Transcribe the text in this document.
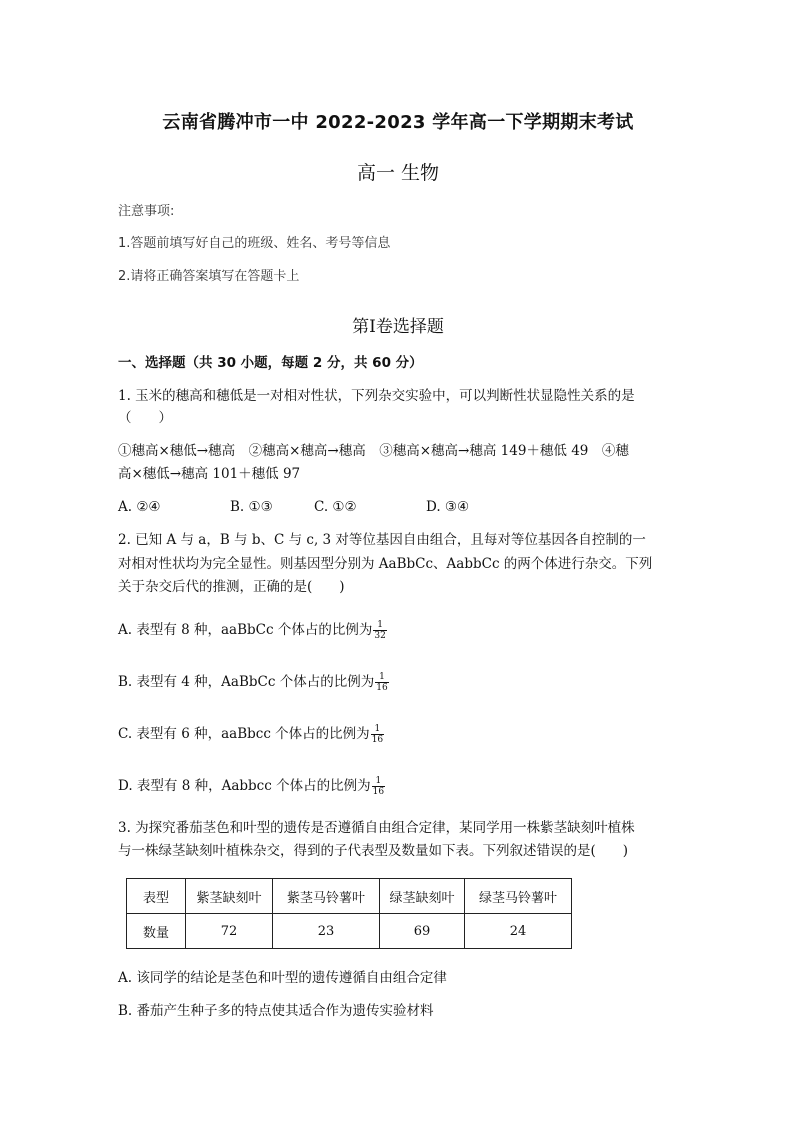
云南省腾冲市一中 2022-2023 学年高一下学期期末考试
高一 生物
注意事项:
1.答题前填写好自己的班级、姓名、考号等信息
2.请将正确答案填写在答题卡上
第Ⅰ卷选择题
一、选择题（共 30 小题，每题 2 分，共 60 分）
1. 玉米的穗高和穗低是一对相对性状，下列杂交实验中，可以判断性状显隐性关系的是
（　　）
①穗高×穗低→穗高　②穗高×穗高→穗高　③穗高×穗高→穗高 149＋穗低 49　④穗
高×穗低→穗高 101＋穗低 97
A. ②④	B. ①③	C. ①②	D. ③④
2. 已知 A 与 a，B 与 b、C 与 c, 3 对等位基因自由组合，且每对等位基因各自控制的一
对相对性状均为完全显性。则基因型分别为 AaBbCc、AabbCc 的两个体进行杂交。下列
关于杂交后代的推测，正确的是(　　)
A. 表型有 8 种，aaBbCc 个体占的比例为 $\frac{1}{32}$
B. 表型有 4 种，AaBbCc 个体占的比例为 $\frac{1}{16}$
C. 表型有 6 种，aaBbcc 个体占的比例为 $\frac{1}{16}$
D. 表型有 8 种，Aabbcc 个体占的比例为 $\frac{1}{16}$
3. 为探究番茄茎色和叶型的遗传是否遵循自由组合定律，某同学用一株紫茎缺刻叶植株
与一株绿茎缺刻叶植株杂交，得到的子代表型及数量如下表。下列叙述错误的是(　　)
表型	紫茎缺刻叶	紫茎马铃薯叶	绿茎缺刻叶	绿茎马铃薯叶
数量	72	23	69	24
A. 该同学的结论是茎色和叶型的遗传遵循自由组合定律
B. 番茄产生种子多的特点使其适合作为遗传实验材料
